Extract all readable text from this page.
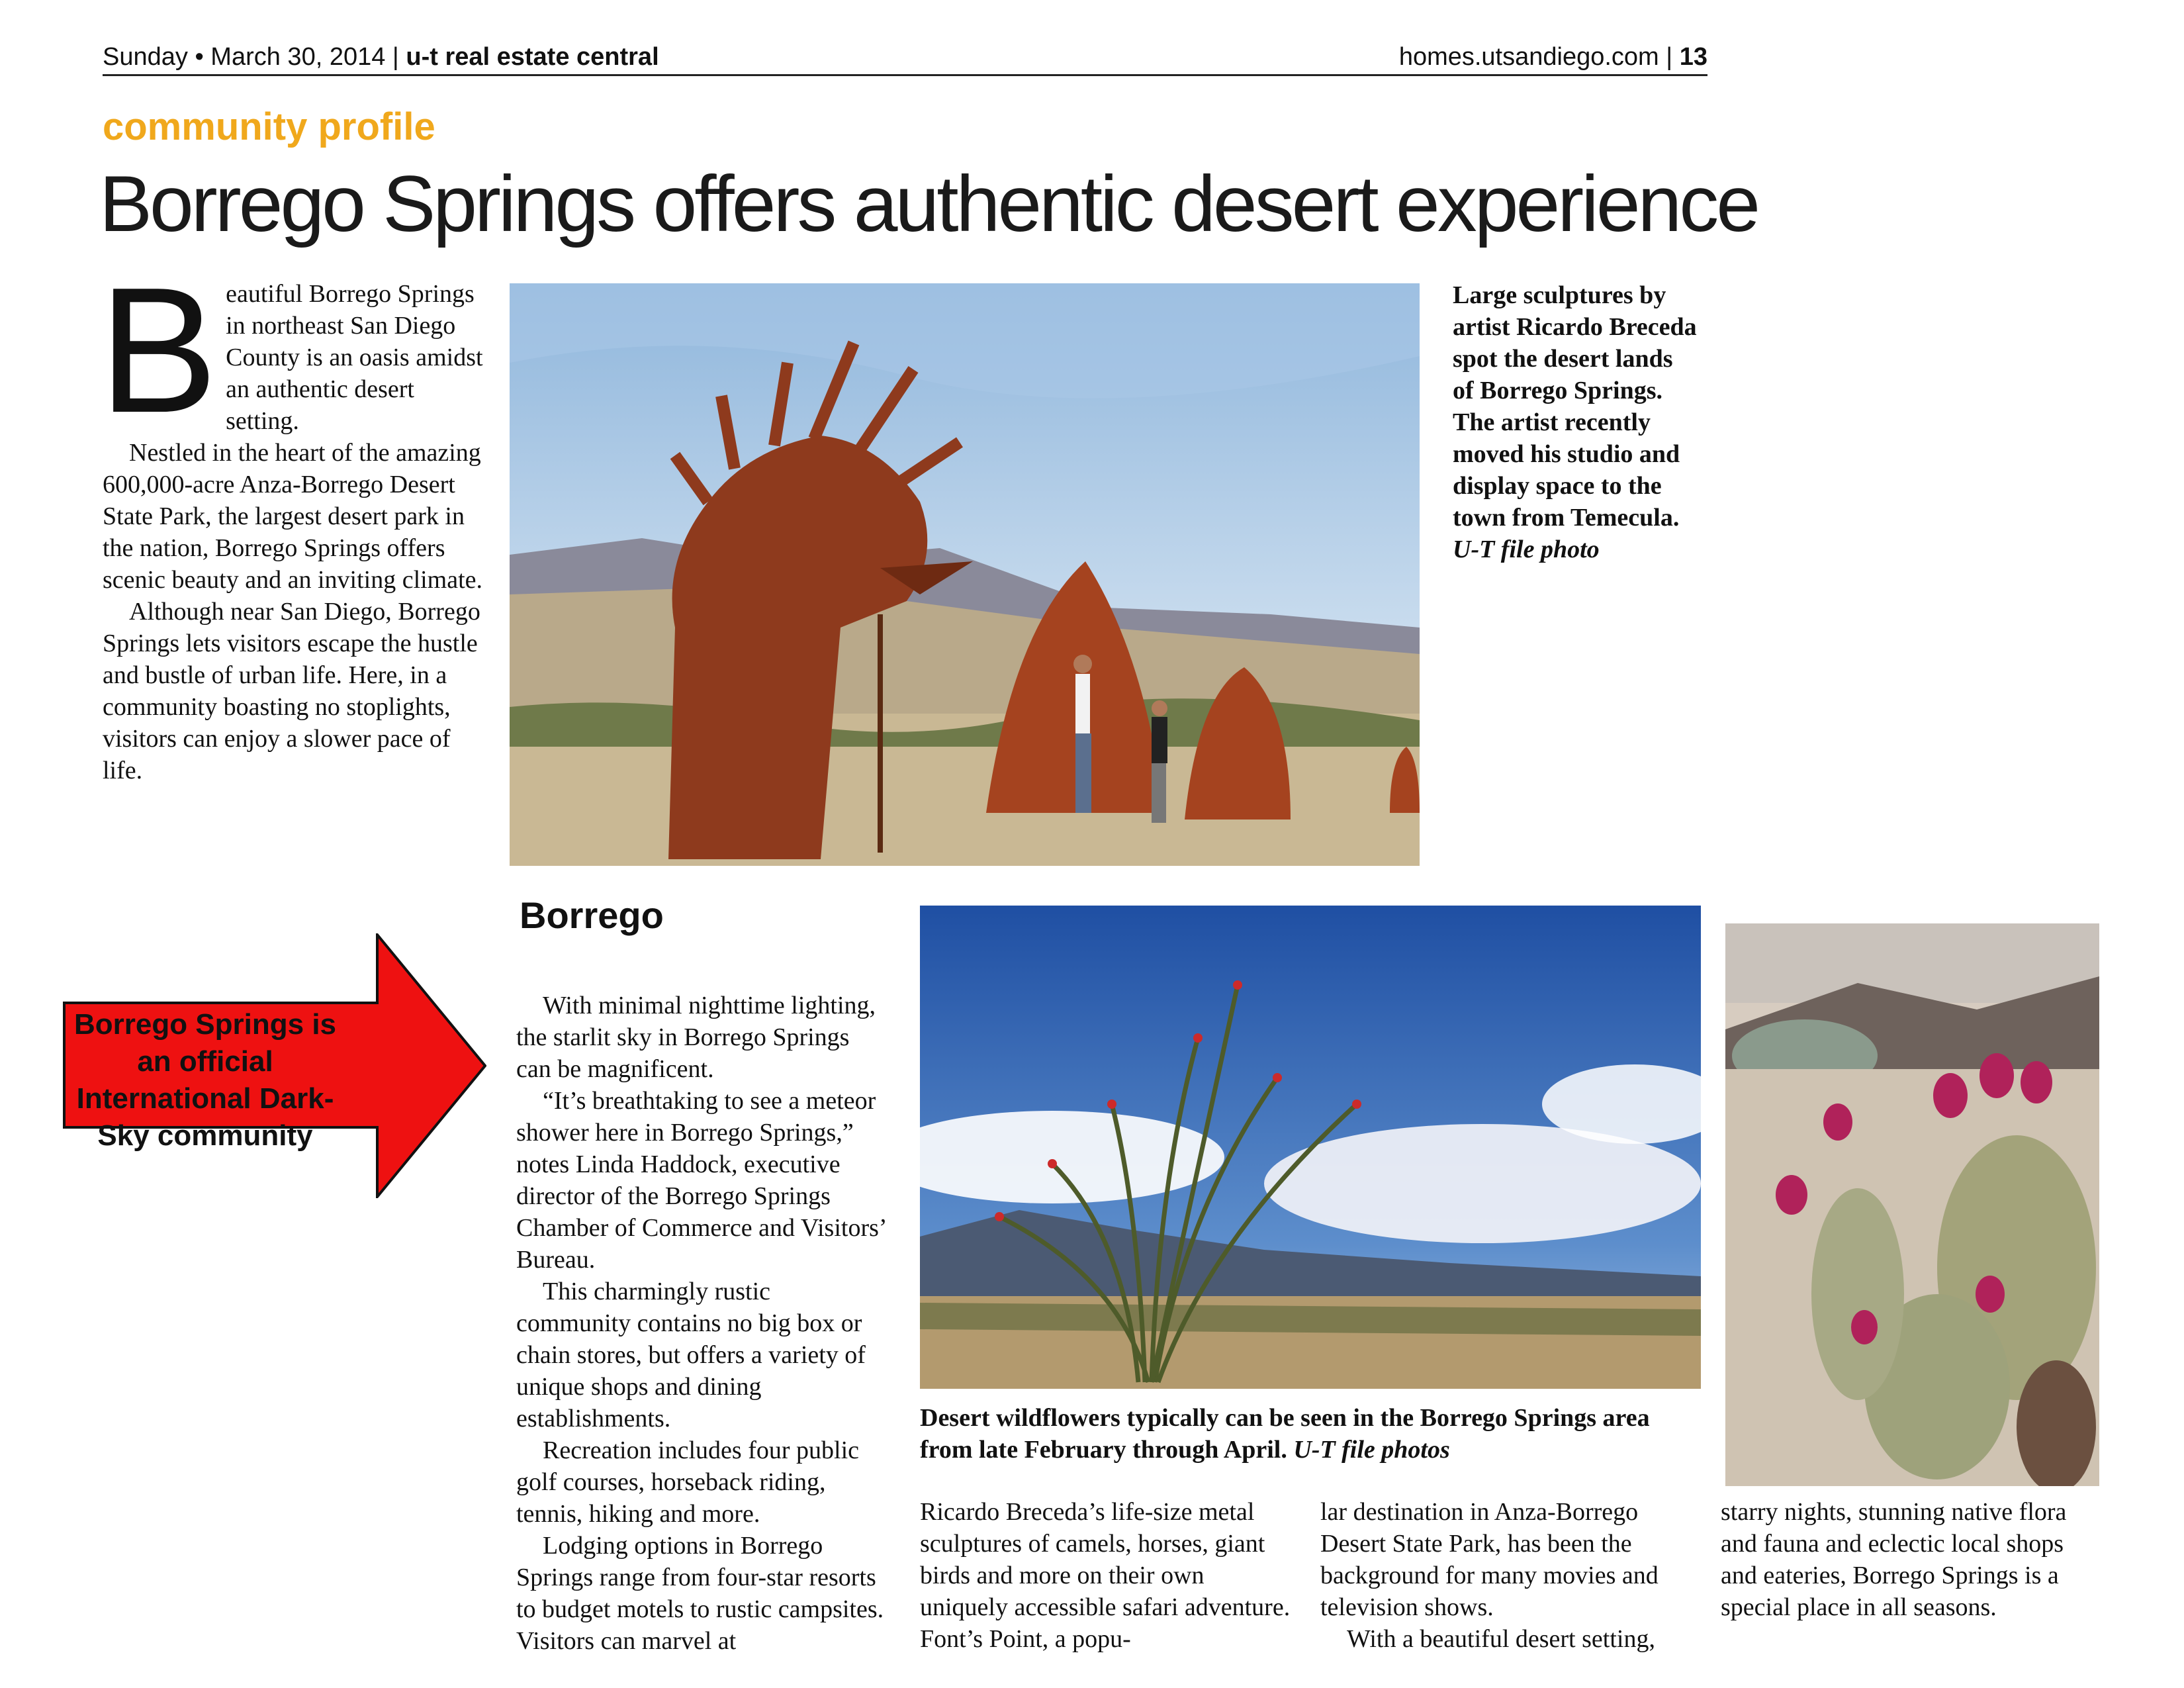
Sunday • March 30, 2014 | u-t real estate central	homes.utsandiego.com | 13
community profile
Borrego Springs offers authentic desert experience
B eautiful Borrego Springs in northeast San Diego County is an oasis amidst an authentic desert setting.

Nestled in the heart of the amazing 600,000-acre Anza-Borrego Desert State Park, the largest desert park in the nation, Borrego Springs offers scenic beauty and an inviting climate.

Although near San Diego, Borrego Springs lets visitors escape the hustle and bustle of urban life. Here, in a community boasting no stoplights, visitors can enjoy a slower pace of life.

Large sculptures by artist Ricardo Breceda spot the desert lands of Borrego Springs. The artist recently moved his studio and display space to the town from Temecula. U-T file photo
Borrego Springs is an official International Dark-Sky community
Borrego

With minimal nighttime lighting, the starlit sky in Borrego Springs can be magnificent.

“It’s breathtaking to see a meteor shower here in Borrego Springs,” notes Linda Haddock, executive director of the Borrego Springs Chamber of Commerce and Visitors’ Bureau.

This charmingly rustic community contains no big box or chain stores, but offers a variety of unique shops and dining establishments.

Recreation includes four public golf courses, horseback riding, tennis, hiking and more.

Lodging options in Borrego Springs range from four-star resorts to budget motels to rustic campsites. Visitors can marvel at

Desert wildflowers typically can be seen in the Borrego Springs area from late February through April. U-T file photos

Ricardo Breceda’s life-size metal sculptures of camels, horses, giant birds and more on their own uniquely accessible safari adventure. Font’s Point, a popu-

lar destination in Anza-Borrego Desert State Park, has been the background for many movies and television shows.

With a beautiful desert setting,

starry nights, stunning native flora and fauna and eclectic local shops and eateries, Borrego Springs is a special place in all seasons.
